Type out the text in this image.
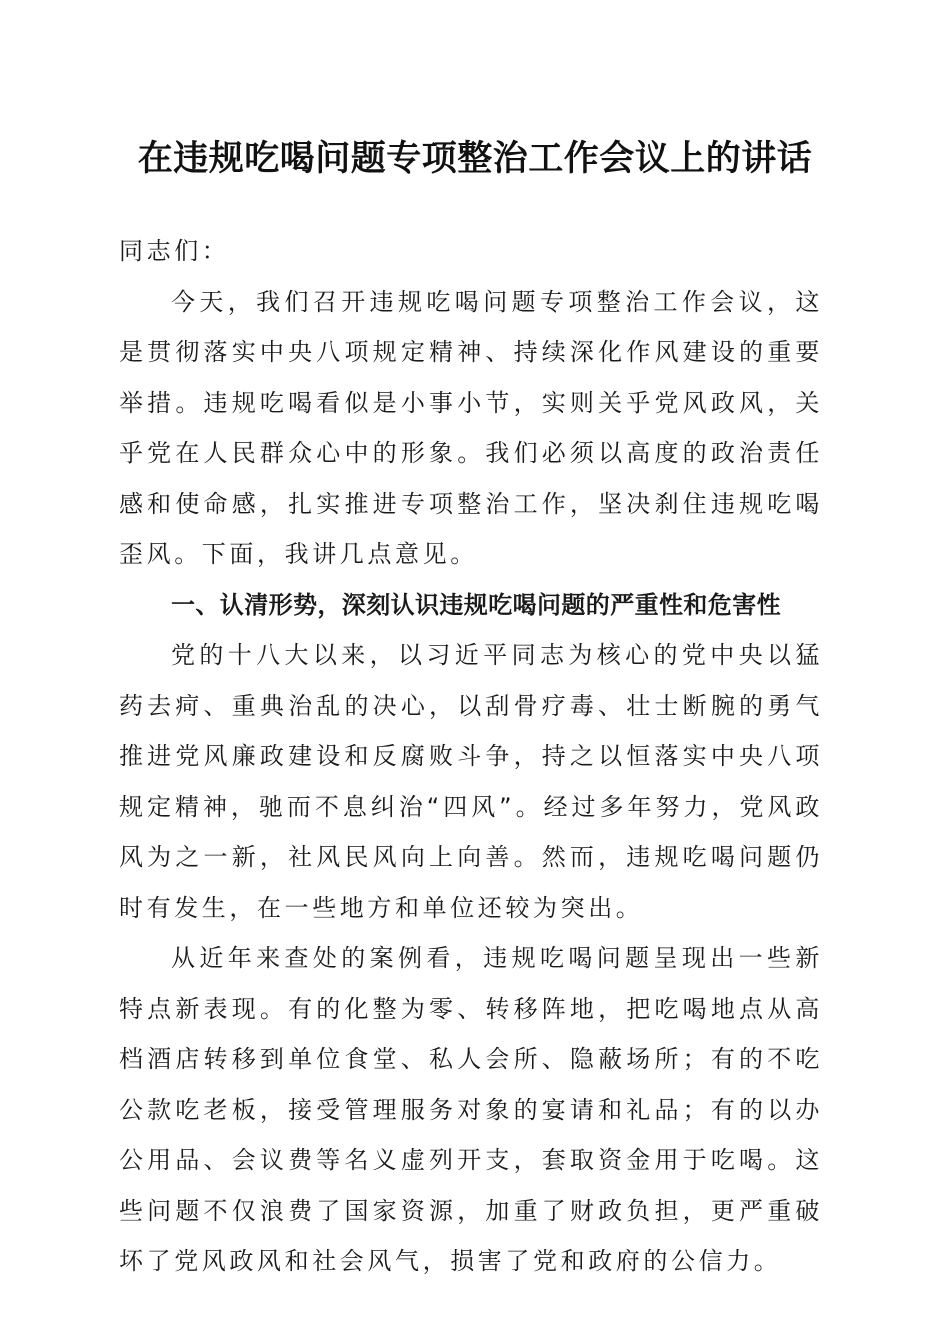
在违规吃喝问题专项整治工作会议上的讲话

同志们：

今天，我们召开违规吃喝问题专项整治工作会议，这是贯彻落实中央八项规定精神、持续深化作风建设的重要举措。违规吃喝看似是小事小节，实则关乎党风政风，关乎党在人民群众心中的形象。我们必须以高度的政治责任感和使命感，扎实推进专项整治工作，坚决刹住违规吃喝歪风。下面，我讲几点意见。

一、认清形势，深刻认识违规吃喝问题的严重性和危害性

党的十八大以来，以习近平同志为核心的党中央以猛药去疴、重典治乱的决心，以刮骨疗毒、壮士断腕的勇气推进党风廉政建设和反腐败斗争，持之以恒落实中央八项规定精神，驰而不息纠治“四风”。经过多年努力，党风政风为之一新，社风民风向上向善。然而，违规吃喝问题仍时有发生，在一些地方和单位还较为突出。

从近年来查处的案例看，违规吃喝问题呈现出一些新特点新表现。有的化整为零、转移阵地，把吃喝地点从高档酒店转移到单位食堂、私人会所、隐蔽场所；有的不吃公款吃老板，接受管理服务对象的宴请和礼品；有的以办公用品、会议费等名义虚列开支，套取资金用于吃喝。这些问题不仅浪费了国家资源，加重了财政负担，更严重破坏了党风政风和社会风气，损害了党和政府的公信力。
